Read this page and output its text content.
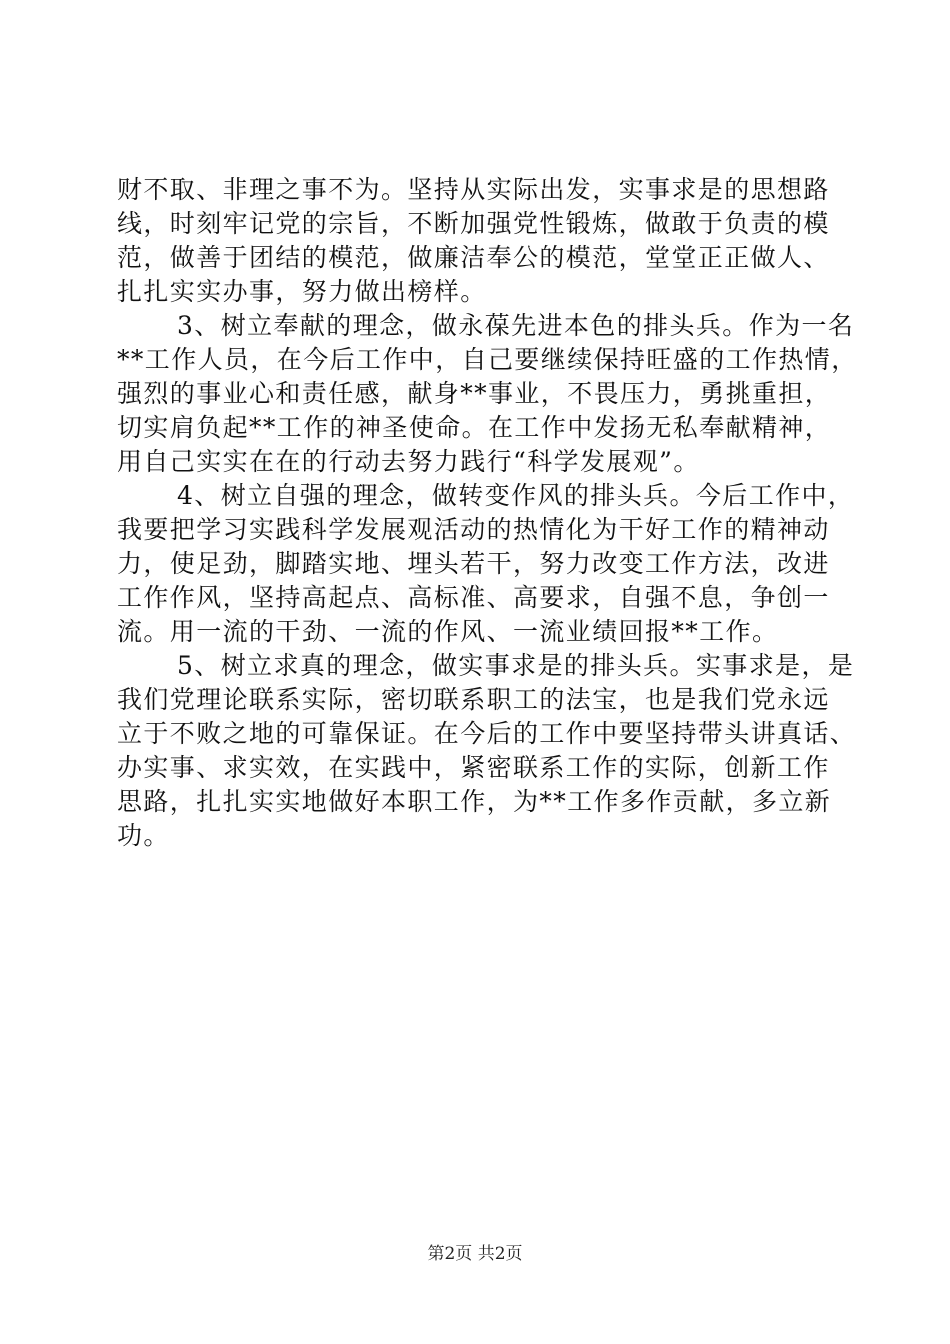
财不取、非理之事不为。坚持从实际出发，实事求是的思想路
线，时刻牢记党的宗旨，不断加强党性锻炼，做敢于负责的模
范，做善于团结的模范，做廉洁奉公的模范，堂堂正正做人、
扎扎实实办事，努力做出榜样。
3、树立奉献的理念，做永葆先进本色的排头兵。作为一名
**工作人员，在今后工作中，自己要继续保持旺盛的工作热情，
强烈的事业心和责任感，献身**事业，不畏压力，勇挑重担，
切实肩负起**工作的神圣使命。在工作中发扬无私奉献精神，
用自己实实在在的行动去努力践行“科学发展观”。
4、树立自强的理念，做转变作风的排头兵。今后工作中，
我要把学习实践科学发展观活动的热情化为干好工作的精神动
力，使足劲，脚踏实地、埋头若干，努力改变工作方法，改进
工作作风，坚持高起点、高标准、高要求，自强不息，争创一
流。用一流的干劲、一流的作风、一流业绩回报**工作。
5、树立求真的理念，做实事求是的排头兵。实事求是，是
我们党理论联系实际，密切联系职工的法宝，也是我们党永远
立于不败之地的可靠保证。在今后的工作中要坚持带头讲真话、
办实事、求实效，在实践中，紧密联系工作的实际，创新工作
思路，扎扎实实地做好本职工作，为**工作多作贡献，多立新
功。
第2页 共2页
